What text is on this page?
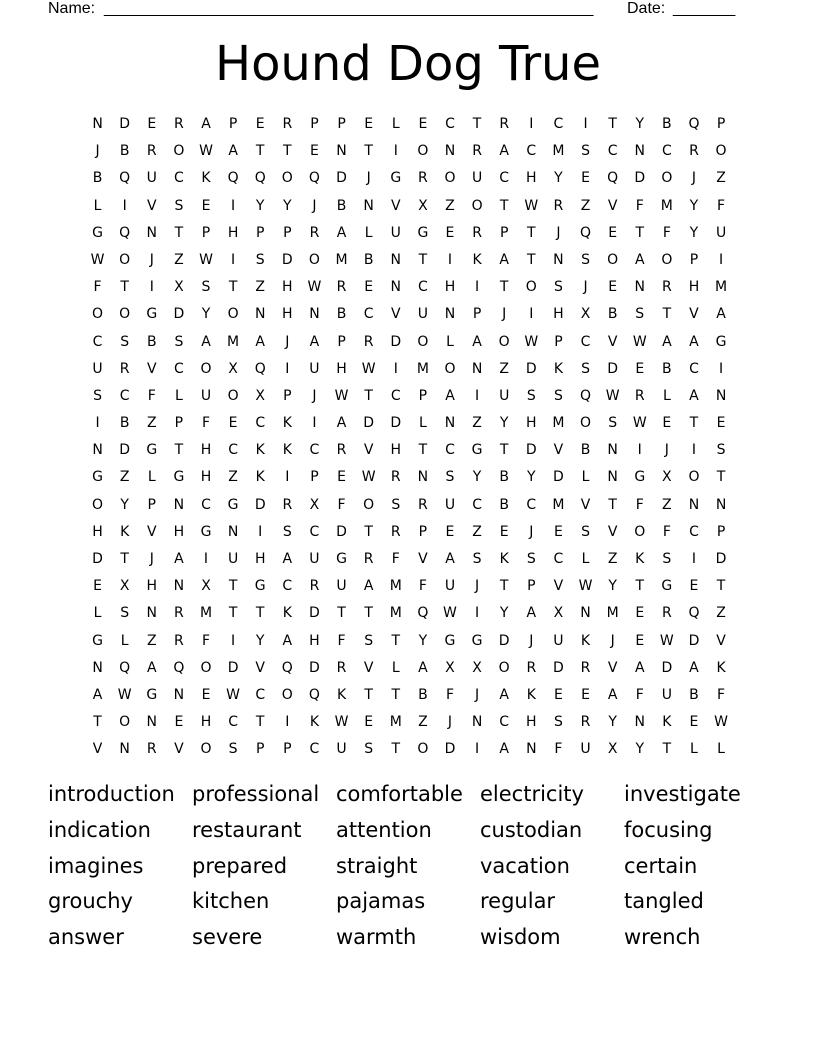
Name: _______________________________________________________ Date: _______
Hound Dog True
N	D	E	R	A	P	E	R	P	P	E	L	E	C	T	R	I	C	I	T	Y	B	Q	P
J	B	R	O	W	A	T	T	E	N	T	I	O	N	R	A	C	M	S	C	N	C	R	O
B	Q	U	C	K	Q	Q	O	Q	D	J	G	R	O	U	C	H	Y	E	Q	D	O	J	Z
L	I	V	S	E	I	Y	Y	J	B	N	V	X	Z	O	T	W	R	Z	V	F	M	Y	F
G	Q	N	T	P	H	P	P	R	A	L	U	G	E	R	P	T	J	Q	E	T	F	Y	U
W	O	J	Z	W	I	S	D	O	M	B	N	T	I	K	A	T	N	S	O	A	O	P	I
F	T	I	X	S	T	Z	H	W	R	E	N	C	H	I	T	O	S	J	E	N	R	H	M
O	O	G	D	Y	O	N	H	N	B	C	V	U	N	P	J	I	H	X	B	S	T	V	A
C	S	B	S	A	M	A	J	A	P	R	D	O	L	A	O	W	P	C	V	W	A	A	G
U	R	V	C	O	X	Q	I	U	H	W	I	M	O	N	Z	D	K	S	D	E	B	C	I
S	C	F	L	U	O	X	P	J	W	T	C	P	A	I	U	S	S	Q	W	R	L	A	N
I	B	Z	P	F	E	C	K	I	A	D	D	L	N	Z	Y	H	M	O	S	W	E	T	E
N	D	G	T	H	C	K	K	C	R	V	H	T	C	G	T	D	V	B	N	I	J	I	S
G	Z	L	G	H	Z	K	I	P	E	W	R	N	S	Y	B	Y	D	L	N	G	X	O	T
O	Y	P	N	C	G	D	R	X	F	O	S	R	U	C	B	C	M	V	T	F	Z	N	N
H	K	V	H	G	N	I	S	C	D	T	R	P	E	Z	E	J	E	S	V	O	F	C	P
D	T	J	A	I	U	H	A	U	G	R	F	V	A	S	K	S	C	L	Z	K	S	I	D
E	X	H	N	X	T	G	C	R	U	A	M	F	U	J	T	P	V	W	Y	T	G	E	T
L	S	N	R	M	T	T	K	D	T	T	M	Q	W	I	Y	A	X	N	M	E	R	Q	Z
G	L	Z	R	F	I	Y	A	H	F	S	T	Y	G	G	D	J	U	K	J	E	W	D	V
N	Q	A	Q	O	D	V	Q	D	R	V	L	A	X	X	O	R	D	R	V	A	D	A	K
A	W	G	N	E	W	C	O	Q	K	T	T	B	F	J	A	K	E	E	A	F	U	B	F
T	O	N	E	H	C	T	I	K	W	E	M	Z	J	N	C	H	S	R	Y	N	K	E	W
V	N	R	V	O	S	P	P	C	U	S	T	O	D	I	A	N	F	U	X	Y	T	L	L
introduction professional comfortable electricity	investigate
indication	restaurant	attention	custodian	focusing
imagines	prepared	straight	vacation	certain
grouchy	kitchen	pajamas	regular	tangled
answer	severe	warmth	wisdom	wrench
